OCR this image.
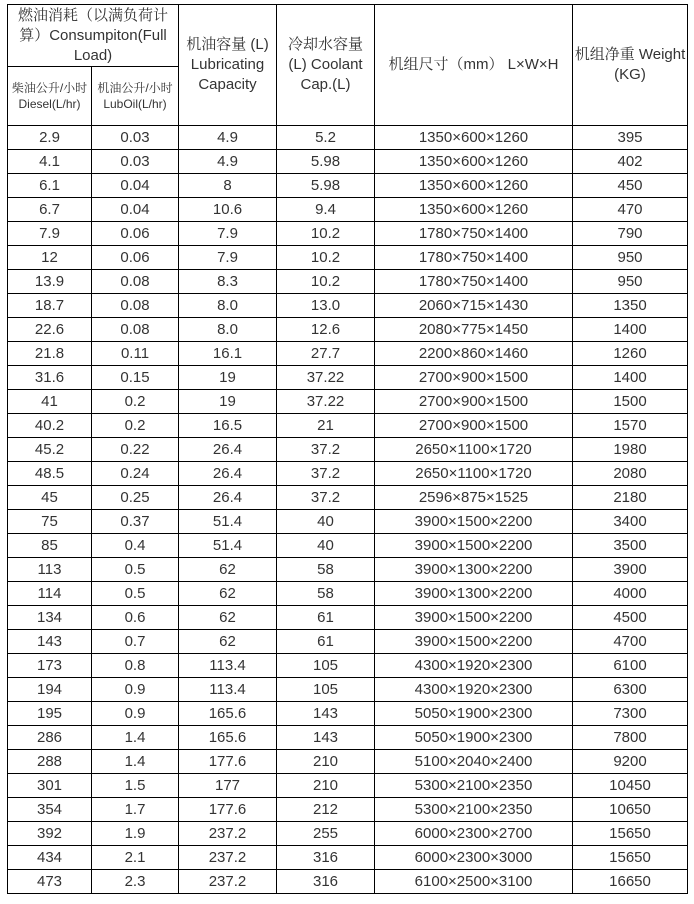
燃油消耗（以满负荷计算）Consumpiton(Full Load)		机油容量 (L) Lubricating Capacity	冷却水容量 (L) Coolant Cap.(L)	机组尺寸（mm） L×W×H	机组净重 Weight (KG)
柴油公升/小时 Diesel(L/hr)	机油公升/小时 LubOil(L/hr)				
2.9	0.03	4.9	5.2	1350×600×1260	395
4.1	0.03	4.9	5.98	1350×600×1260	402
6.1	0.04	8	5.98	1350×600×1260	450
6.7	0.04	10.6	9.4	1350×600×1260	470
7.9	0.06	7.9	10.2	1780×750×1400	790
12	0.06	7.9	10.2	1780×750×1400	950
13.9	0.08	8.3	10.2	1780×750×1400	950
18.7	0.08	8.0	13.0	2060×715×1430	1350
22.6	0.08	8.0	12.6	2080×775×1450	1400
21.8	0.11	16.1	27.7	2200×860×1460	1260
31.6	0.15	19	37.22	2700×900×1500	1400
41	0.2	19	37.22	2700×900×1500	1500
40.2	0.2	16.5	21	2700×900×1500	1570
45.2	0.22	26.4	37.2	2650×1100×1720	1980
48.5	0.24	26.4	37.2	2650×1100×1720	2080
45	0.25	26.4	37.2	2596×875×1525	2180
75	0.37	51.4	40	3900×1500×2200	3400
85	0.4	51.4	40	3900×1500×2200	3500
113	0.5	62	58	3900×1300×2200	3900
114	0.5	62	58	3900×1300×2200	4000
134	0.6	62	61	3900×1500×2200	4500
143	0.7	62	61	3900×1500×2200	4700
173	0.8	113.4	105	4300×1920×2300	6100
194	0.9	113.4	105	4300×1920×2300	6300
195	0.9	165.6	143	5050×1900×2300	7300
286	1.4	165.6	143	5050×1900×2300	7800
288	1.4	177.6	210	5100×2040×2400	9200
301	1.5	177	210	5300×2100×2350	10450
354	1.7	177.6	212	5300×2100×2350	10650
392	1.9	237.2	255	6000×2300×2700	15650
434	2.1	237.2	316	6000×2300×3000	15650
473	2.3	237.2	316	6100×2500×3100	16650
